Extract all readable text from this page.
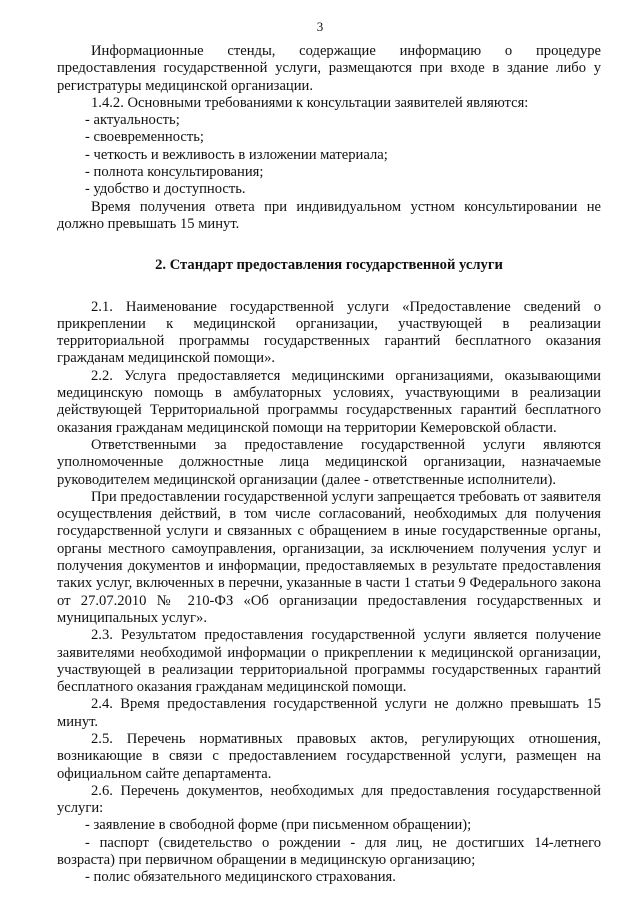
3

Информационные стенды, содержащие информацию о процедуре предоставления государственной услуги, размещаются при входе в здание либо у регистратуры медицинской организации.

1.4.2. Основными требованиями к консультации заявителей являются:

- актуальность;

- своевременность;

- четкость и вежливость в изложении материала;

- полнота консультирования;

- удобство и доступность.

Время получения ответа при индивидуальном устном консультировании не должно превышать 15 минут.

2. Стандарт предоставления государственной услуги

2.1. Наименование государственной услуги «Предоставление сведений о прикреплении к медицинской организации, участвующей в реализации территориальной программы государственных гарантий бесплатного оказания гражданам медицинской помощи».

2.2. Услуга предоставляется медицинскими организациями, оказывающими медицинскую помощь в амбулаторных условиях, участвующими в реализации действующей Территориальной программы государственных гарантий бесплатного оказания гражданам медицинской помощи на территории Кемеровской области.

Ответственными за предоставление государственной услуги являются уполномоченные должностные лица медицинской организации, назначаемые руководителем медицинской организации (далее - ответственные исполнители).

При предоставлении государственной услуги запрещается требовать от заявителя осуществления действий, в том числе согласований, необходимых для получения государственной услуги и связанных с обращением в иные государственные органы, органы местного самоуправления, организации, за исключением получения услуг и получения документов и информации, предоставляемых в результате предоставления таких услуг, включенных в перечни, указанные в части 1 статьи 9 Федерального закона от 27.07.2010 № 210-ФЗ «Об организации предоставления государственных и муниципальных услуг».

2.3. Результатом предоставления государственной услуги является получение заявителями необходимой информации о прикреплении к медицинской организации, участвующей в реализации территориальной программы государственных гарантий бесплатного оказания гражданам медицинской помощи.

2.4. Время предоставления государственной услуги не должно превышать 15 минут.

2.5. Перечень нормативных правовых актов, регулирующих отношения, возникающие в связи с предоставлением государственной услуги, размещен на официальном сайте департамента.

2.6. Перечень документов, необходимых для предоставления государственной услуги:

- заявление в свободной форме (при письменном обращении);

- паспорт (свидетельство о рождении - для лиц, не достигших 14-летнего возраста) при первичном обращении в медицинскую организацию;

- полис обязательного медицинского страхования.
